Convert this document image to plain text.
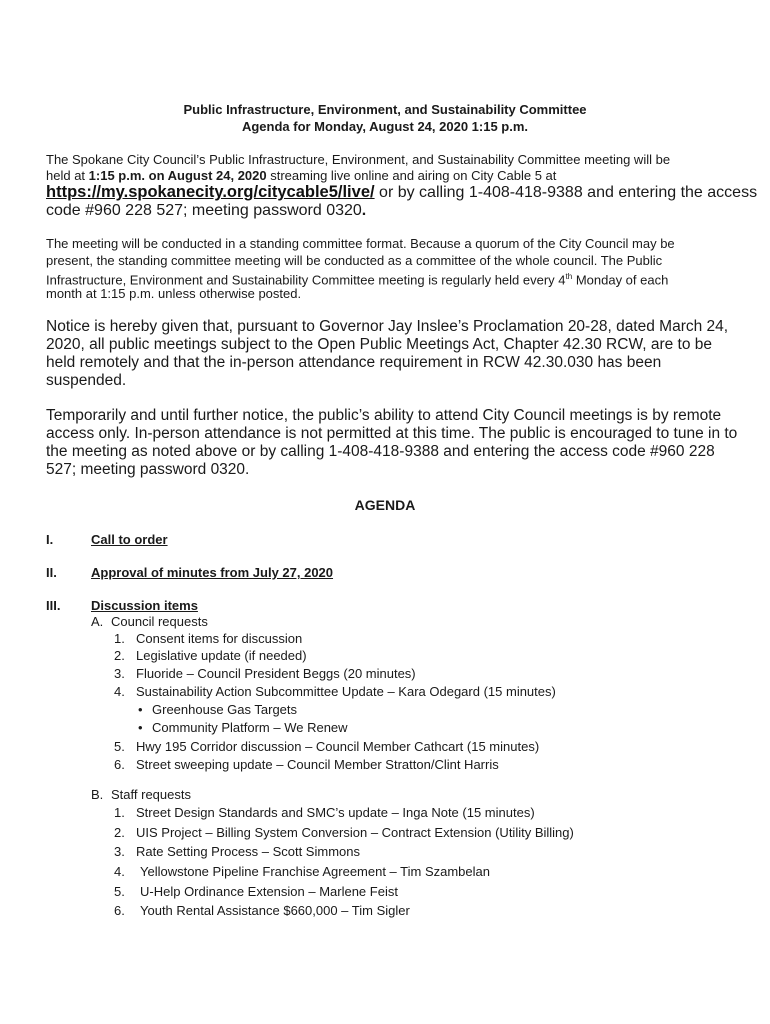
Public Infrastructure, Environment, and Sustainability Committee
Agenda for Monday, August 24, 2020 1:15 p.m.
The Spokane City Council’s Public Infrastructure, Environment, and Sustainability Committee meeting will be
held at 1:15 p.m. on August 24, 2020 streaming live online and airing on City Cable 5 at
https://my.spokanecity.org/citycable5/live/ or by calling 1-408-418-9388 and entering the access
code #960 228 527; meeting password 0320.
The meeting will be conducted in a standing committee format. Because a quorum of the City Council may be
present, the standing committee meeting will be conducted as a committee of the whole council. The Public
Infrastructure, Environment and Sustainability Committee meeting is regularly held every 4th Monday of each
month at 1:15 p.m. unless otherwise posted.
Notice is hereby given that, pursuant to Governor Jay Inslee’s Proclamation 20-28, dated March 24,
2020, all public meetings subject to the Open Public Meetings Act, Chapter 42.30 RCW, are to be
held remotely and that the in-person attendance requirement in RCW 42.30.030 has been
suspended.
Temporarily and until further notice, the public’s ability to attend City Council meetings is by remote
access only. In-person attendance is not permitted at this time. The public is encouraged to tune in to
the meeting as noted above or by calling 1-408-418-9388 and entering the access code #960 228
527; meeting password 0320.
AGENDA
I.	Call to order
II.	Approval of minutes from July 27, 2020
III. Discussion items
A. Council requests
1. Consent items for discussion
2. Legislative update (if needed)
3. Fluoride – Council President Beggs (20 minutes)
4. Sustainability Action Subcommittee Update – Kara Odegard (15 minutes)
• Greenhouse Gas Targets
• Community Platform – We Renew
5. Hwy 195 Corridor discussion – Council Member Cathcart (15 minutes)
6. Street sweeping update – Council Member Stratton/Clint Harris
B. Staff requests
1. Street Design Standards and SMC’s update – Inga Note (15 minutes)
2. UIS Project – Billing System Conversion – Contract Extension (Utility Billing)
3. Rate Setting Process – Scott Simmons
4. Yellowstone Pipeline Franchise Agreement – Tim Szambelan
5. U-Help Ordinance Extension – Marlene Feist
6. Youth Rental Assistance $660,000 – Tim Sigler
